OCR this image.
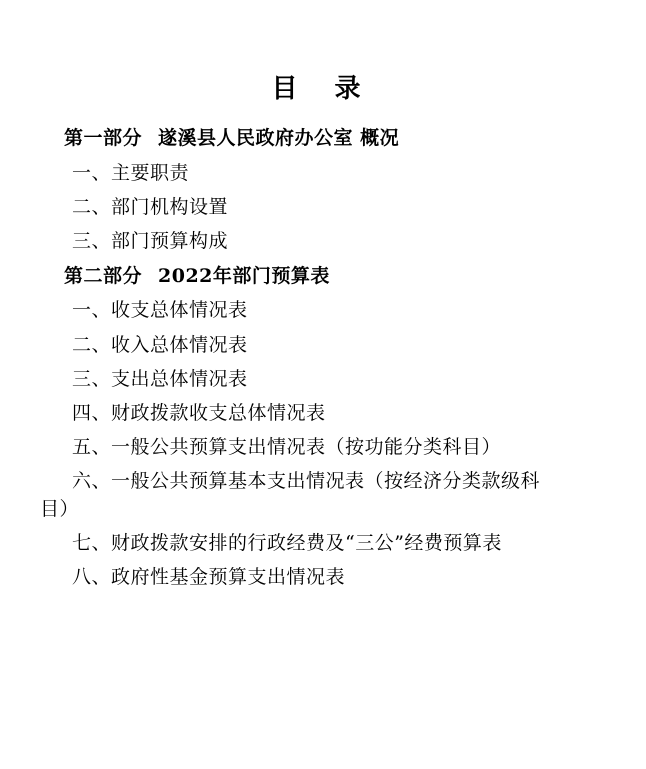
目 录
第一部分 遂溪县人民政府办公室 概况
一、主要职责
二、部门机构设置
三、部门预算构成
第二部分 2022年部门预算表
一、收支总体情况表
二、收入总体情况表
三、支出总体情况表
四、财政拨款收支总体情况表
五、一般公共预算支出情况表（按功能分类科目）
六、一般公共预算基本支出情况表（按经济分类款级科
目）
七、财政拨款安排的行政经费及“三公”经费预算表
八、政府性基金预算支出情况表
